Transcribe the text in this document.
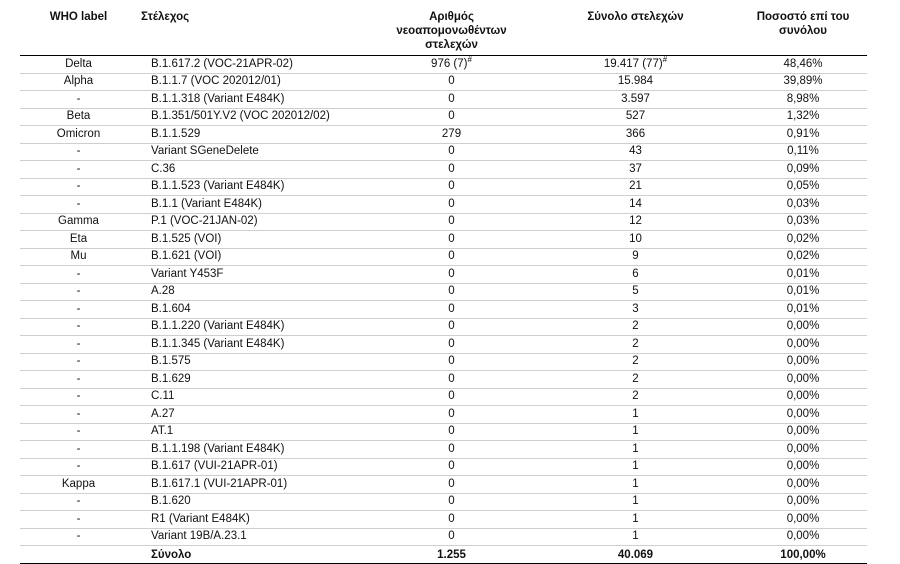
WHO label	Στέλεχος	Αριθμός νεοαπομονωθέντων στελεχών	Σύνολο στελεχών	Ποσοστό επί του συνόλου
Delta	B.1.617.2 (VOC-21APR-02)	976 (7)#	19.417 (77)#	48,46%
Alpha	B.1.1.7 (VOC 202012/01)	0	15.984	39,89%
-	B.1.1.318 (Variant E484K)	0	3.597	8,98%
Beta	B.1.351/501Y.V2 (VOC 202012/02)	0	527	1,32%
Omicron	B.1.1.529	279	366	0,91%
-	Variant SGeneDelete	0	43	0,11%
-	C.36	0	37	0,09%
-	B.1.1.523 (Variant E484K)	0	21	0,05%
-	B.1.1 (Variant E484K)	0	14	0,03%
Gamma	P.1 (VOC-21JAN-02)	0	12	0,03%
Eta	B.1.525 (VOI)	0	10	0,02%
Mu	B.1.621 (VOI)	0	9	0,02%
-	Variant Y453F	0	6	0,01%
-	A.28	0	5	0,01%
-	B.1.604	0	3	0,01%
-	B.1.1.220 (Variant E484K)	0	2	0,00%
-	B.1.1.345 (Variant E484K)	0	2	0,00%
-	B.1.575	0	2	0,00%
-	B.1.629	0	2	0,00%
-	C.11	0	2	0,00%
-	A.27	0	1	0,00%
-	AT.1	0	1	0,00%
-	B.1.1.198 (Variant E484K)	0	1	0,00%
-	B.1.617 (VUI-21APR-01)	0	1	0,00%
Kappa	B.1.617.1 (VUI-21APR-01)	0	1	0,00%
-	B.1.620	0	1	0,00%
-	R1 (Variant E484K)	0	1	0,00%
-	Variant 19B/A.23.1	0	1	0,00%
	Σύνολο	1.255	40.069	100,00%
